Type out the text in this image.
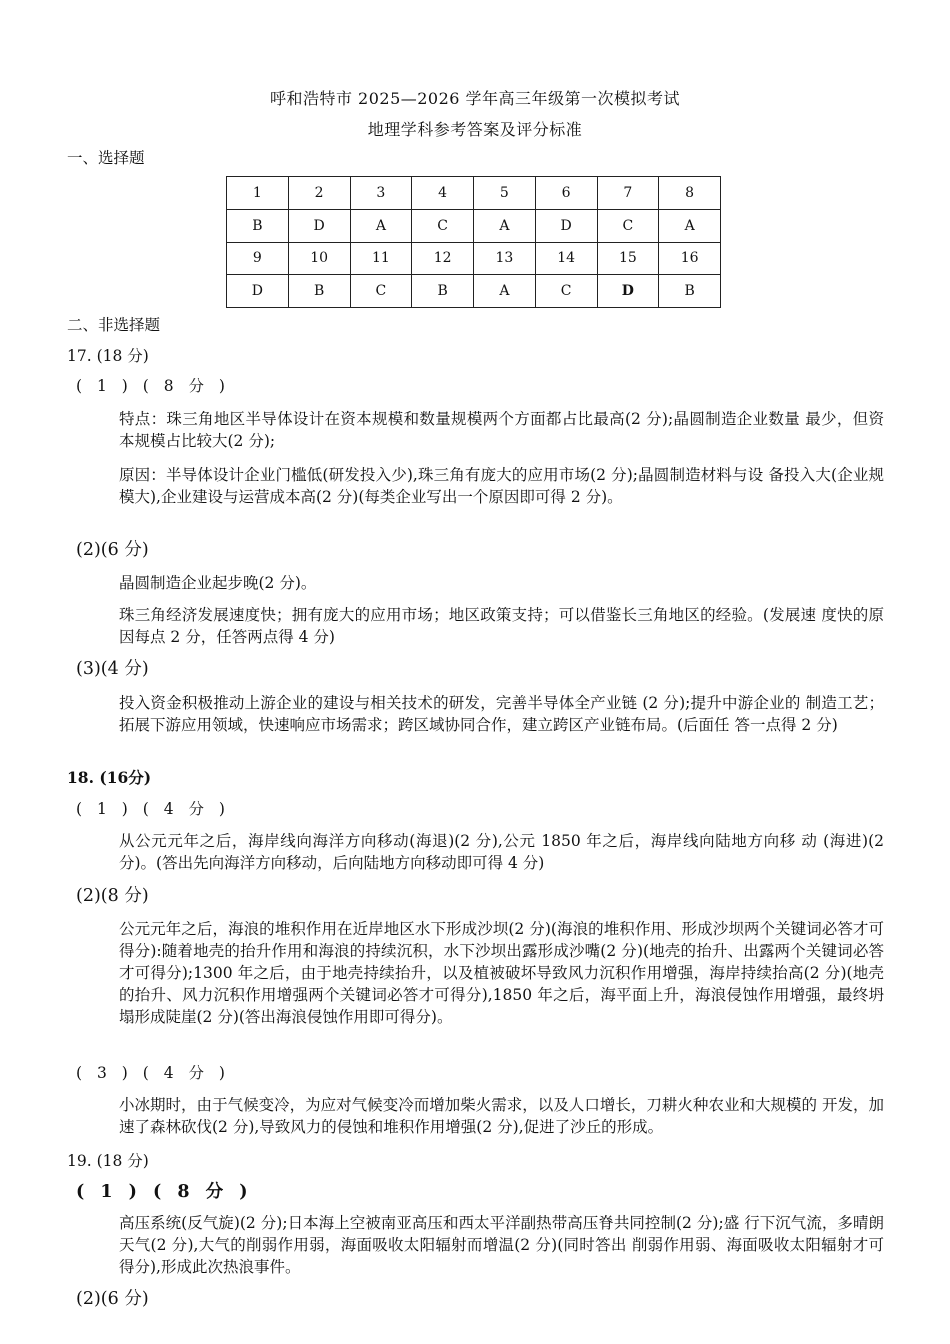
呼和浩特市 2025—2026 学年高三年级第一次模拟考试
地理学科参考答案及评分标准
一、选择题
1	2	3	4	5	6	7	8
B	D	A	C	A	D	C	A
9	10	11	12	13	14	15	16
D	B	C	B	A	C	D	B
二、非选择题
17. (18 分)
( 1 ) ( 8 分 )
特点：珠三角地区半导体设计在资本规模和数量规模两个方面都占比最高(2 分);晶圆制造企业数量 最少，但资本规模占比较大(2 分);
原因：半导体设计企业门槛低(研发投入少),珠三角有庞大的应用市场(2 分);晶圆制造材料与设 备投入大(企业规模大),企业建设与运营成本高(2 分)(每类企业写出一个原因即可得 2 分)。
(2)(6 分)
晶圆制造企业起步晚(2 分)。
珠三角经济发展速度快；拥有庞大的应用市场；地区政策支持；可以借鉴长三角地区的经验。(发展速 度快的原因每点 2 分，任答两点得 4 分)
(3)(4 分)
投入资金积极推动上游企业的建设与相关技术的研发，完善半导体全产业链 (2 分);提升中游企业的 制造工艺；拓展下游应用领域，快速响应市场需求；跨区域协同合作，建立跨区产业链布局。(后面任 答一点得 2 分)
18. (16分)
( 1 ) ( 4 分 )
从公元元年之后，海岸线向海洋方向移动(海退)(2 分),公元 1850 年之后，海岸线向陆地方向移 动 (海进)(2 分)。(答出先向海洋方向移动，后向陆地方向移动即可得 4 分)
(2)(8 分)
公元元年之后，海浪的堆积作用在近岸地区水下形成沙坝(2 分)(海浪的堆积作用、形成沙坝两个关键词必答才可得分):随着地壳的抬升作用和海浪的持续沉积，水下沙坝出露形成沙嘴(2 分)(地壳的抬升、出露两个关键词必答才可得分);1300 年之后，由于地壳持续抬升，以及植被破坏导致风力沉积作用增强，海岸持续抬高(2 分)(地壳的抬升、风力沉积作用增强两个关键词必答才可得分),1850 年之后，海平面上升，海浪侵蚀作用增强，最终坍塌形成陡崖(2 分)(答出海浪侵蚀作用即可得分)。
( 3 ) ( 4 分 )
小冰期时，由于气候变冷，为应对气候变冷而增加柴火需求，以及人口增长，刀耕火种农业和大规模的 开发，加速了森林砍伐(2 分),导致风力的侵蚀和堆积作用增强(2 分),促进了沙丘的形成。
19. (18 分)
( 1 ) ( 8 分 )
高压系统(反气旋)(2 分);日本海上空被南亚高压和西太平洋副热带高压脊共同控制(2 分);盛 行下沉气流，多晴朗天气(2 分),大气的削弱作用弱，海面吸收太阳辐射而增温(2 分)(同时答出 削弱作用弱、海面吸收太阳辐射才可得分),形成此次热浪事件。
(2)(6 分)
